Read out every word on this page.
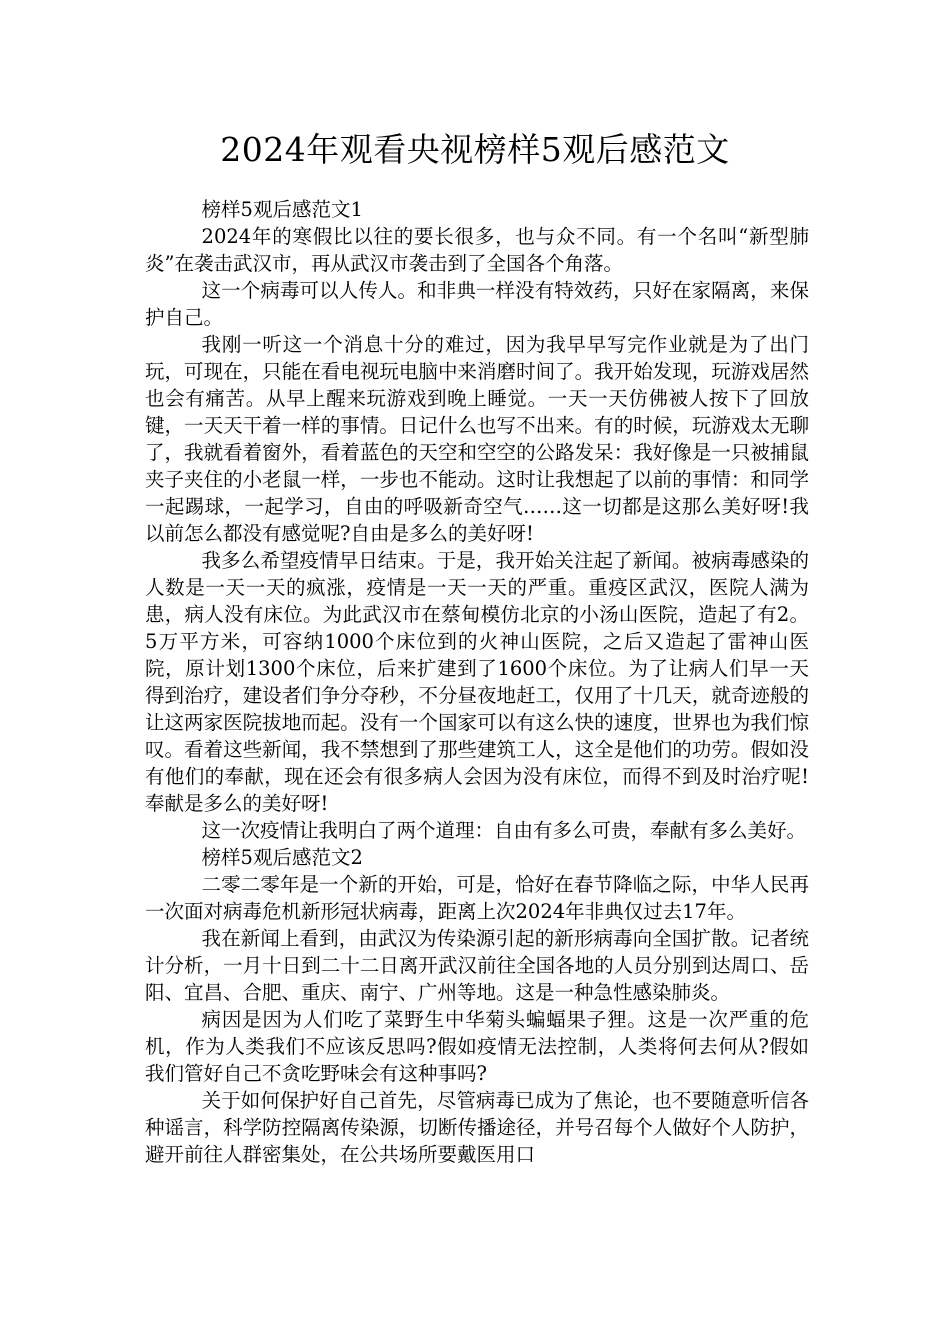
2024年观看央视榜样5观后感范文

榜样5观后感范文1

2024年的寒假比以往的要长很多，也与众不同。有一个名叫“新型肺炎”在袭击武汉市，再从武汉市袭击到了全国各个角落。

这一个病毒可以人传人。和非典一样没有特效药，只好在家隔离，来保护自己。

我刚一听这一个消息十分的难过，因为我早早写完作业就是为了出门玩，可现在，只能在看电视玩电脑中来消磨时间了。我开始发现，玩游戏居然也会有痛苦。从早上醒来玩游戏到晚上睡觉。一天一天仿佛被人按下了回放键，一天天干着一样的事情。日记什么也写不出来。有的时候，玩游戏太无聊了，我就看着窗外，看着蓝色的天空和空空的公路发呆：我好像是一只被捕鼠夹子夹住的小老鼠一样，一步也不能动。这时让我想起了以前的事情：和同学一起踢球，一起学习，自由的呼吸新奇空气……这一切都是这那么美好呀!我以前怎么都没有感觉呢?自由是多么的美好呀!

我多么希望疫情早日结束。于是，我开始关注起了新闻。被病毒感染的人数是一天一天的疯涨，疫情是一天一天的严重。重疫区武汉，医院人满为患，病人没有床位。为此武汉市在蔡甸模仿北京的小汤山医院，造起了有2。5万平方米，可容纳1000个床位到的火神山医院，之后又造起了雷神山医院，原计划1300个床位，后来扩建到了1600个床位。为了让病人们早一天得到治疗，建设者们争分夺秒，不分昼夜地赶工，仅用了十几天，就奇迹般的让这两家医院拔地而起。没有一个国家可以有这么快的速度，世界也为我们惊叹。看着这些新闻，我不禁想到了那些建筑工人，这全是他们的功劳。假如没有他们的奉献，现在还会有很多病人会因为没有床位，而得不到及时治疗呢!奉献是多么的美好呀!

这一次疫情让我明白了两个道理：自由有多么可贵，奉献有多么美好。

榜样5观后感范文2

二零二零年是一个新的开始，可是，恰好在春节降临之际，中华人民再一次面对病毒危机新形冠状病毒，距离上次2024年非典仅过去17年。

我在新闻上看到，由武汉为传染源引起的新形病毒向全国扩散。记者统计分析，一月十日到二十二日离开武汉前往全国各地的人员分别到达周口、岳阳、宜昌、合肥、重庆、南宁、广州等地。这是一种急性感染肺炎。

病因是因为人们吃了菜野生中华菊头蝙蝠果子狸。这是一次严重的危机，作为人类我们不应该反思吗?假如疫情无法控制，人类将何去何从?假如我们管好自己不贪吃野味会有这种事吗?

关于如何保护好自己首先，尽管病毒已成为了焦论，也不要随意听信各种谣言，科学防控隔离传染源，切断传播途径，并号召每个人做好个人防护，避开前往人群密集处，在公共场所要戴医用口
